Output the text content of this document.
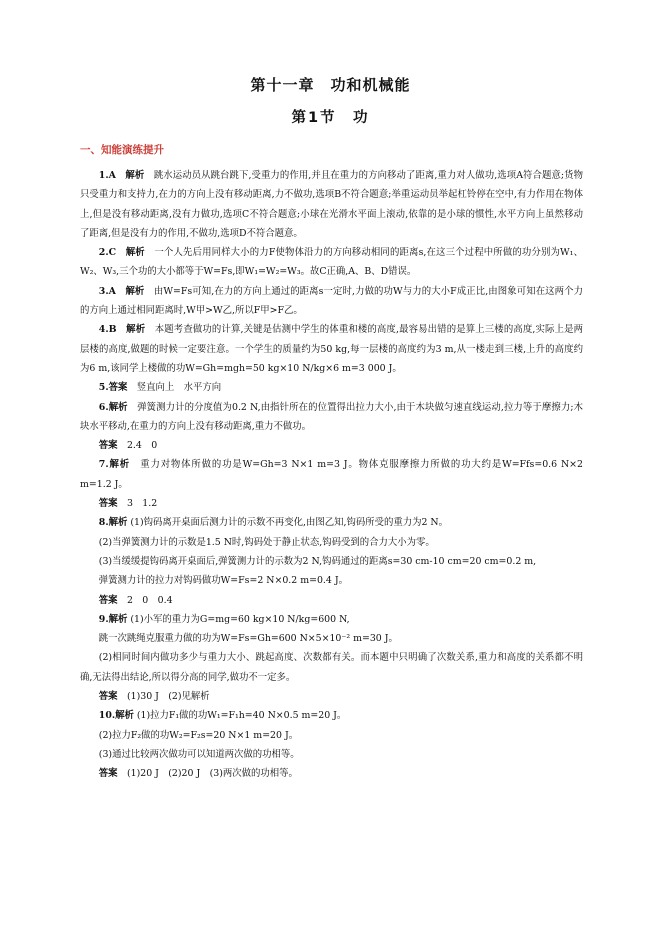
第十一章　功和机械能
第1节　功
一、知能演练提升

1.A　解析　 跳水运动员从跳台跳下,受重力的作用,并且在重力的方向移动了距离,重力对人做功,选项A符合题意;货物只受重力和支持力,在力的方向上没有移动距离,力不做功,选项B不符合题意;举重运动员举起杠铃停在空中,有力作用在物体上,但是没有移动距离,没有力做功,选项C不符合题意;小球在光滑水平面上滚动,依靠的是小球的惯性,水平方向上虽然移动了距离,但是没有力的作用,不做功,选项D不符合题意。

2.C　解析　 一个人先后用同样大小的力F使物体沿力的方向移动相同的距离s,在这三个过程中所做的功分别为W₁、W₂、W₃,三个功的大小都等于W=Fs,即W₁=W₂=W₃。故C正确,A、B、D错误。

3.A　解析　 由W=Fs可知,在力的方向上通过的距离s一定时,力做的功W与力的大小F成正比,由图象可知在这两个力的方向上通过相同距离时,W甲>W乙,所以F甲>F乙。

4.B　解析　 本题考查做功的计算,关键是估测中学生的体重和楼的高度,最容易出错的是算上三楼的高度,实际上是两层楼的高度,做题的时候一定要注意。一个学生的质量约为50 kg,每一层楼的高度约为3 m,从一楼走到三楼,上升的高度约为6 m,该同学上楼做的功W=Gh=mgh=50 kg×10 N/kg×6 m=3 000 J。

5.答案　 竖直向上　水平方向

6.解析　 弹簧测力计的分度值为0.2 N,由指针所在的位置得出拉力大小,由于木块做匀速直线运动,拉力等于摩擦力;木块水平移动,在重力的方向上没有移动距离,重力不做功。

答案　 2.4　0

7.解析　 重力对物体所做的功是W=Gh=3 N×1 m=3 J。物体克服摩擦力所做的功大约是W=Ffs=0.6 N×2 m=1.2 J。

答案　 3　1.2

8.解析 (1)钩码离开桌面后测力计的示数不再变化,由图乙知,钩码所受的重力为2 N。

(2)当弹簧测力计的示数是1.5 N时,钩码处于静止状态,钩码受到的合力大小为零。

(3)当缓缓提钩码离开桌面后,弹簧测力计的示数为2 N,钩码通过的距离s=30 cm-10 cm=20 cm=0.2 m,

弹簧测力计的拉力对钩码做功W=Fs=2 N×0.2 m=0.4 J。

答案　 2　0　0.4

9.解析 (1)小军的重力为G=mg=60 kg×10 N/kg=600 N,

跳一次跳绳克服重力做的功为W=Fs=Gh=600 N×5×10⁻² m=30 J。

(2)相同时间内做功多少与重力大小、跳起高度、次数都有关。而本题中只明确了次数关系,重力和高度的关系都不明确,无法得出结论,所以得分高的同学,做功不一定多。

答案　 (1)30 J　(2)见解析

10.解析 (1)拉力F₁做的功W₁=F₁h=40 N×0.5 m=20 J。

(2)拉力F₂做的功W₂=F₂s=20 N×1 m=20 J。

(3)通过比较两次做功可以知道两次做的功相等。

答案　 (1)20 J　(2)20 J　(3)两次做的功相等。
